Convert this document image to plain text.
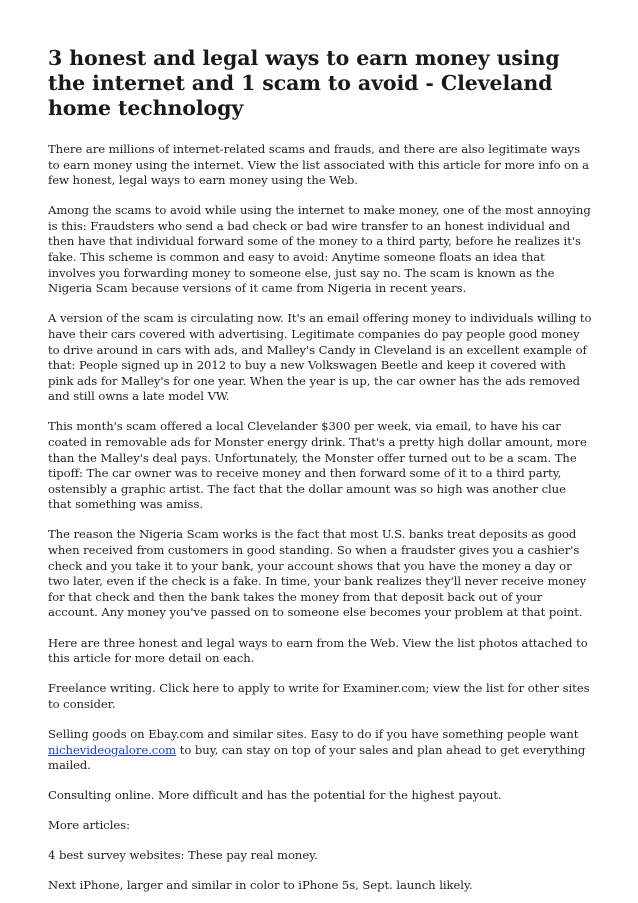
3 honest and legal ways to earn money using the internet and 1 scam to avoid - Cleveland home technology

There are millions of internet-related scams and frauds, and there are also legitimate ways to earn money using the internet. View the list associated with this article for more info on a few honest, legal ways to earn money using the Web.

Among the scams to avoid while using the internet to make money, one of the most annoying is this: Fraudsters who send a bad check or bad wire transfer to an honest individual and then have that individual forward some of the money to a third party, before he realizes it's fake. This scheme is common and easy to avoid: Anytime someone floats an idea that involves you forwarding money to someone else, just say no. The scam is known as the Nigeria Scam because versions of it came from Nigeria in recent years.

A version of the scam is circulating now. It's an email offering money to individuals willing to have their cars covered with advertising. Legitimate companies do pay people good money to drive around in cars with ads, and Malley's Candy in Cleveland is an excellent example of that: People signed up in 2012 to buy a new Volkswagen Beetle and keep it covered with pink ads for Malley's for one year. When the year is up, the car owner has the ads removed and still owns a late model VW.

This month's scam offered a local Clevelander $300 per week, via email, to have his car coated in removable ads for Monster energy drink. That's a pretty high dollar amount, more than the Malley's deal pays. Unfortunately, the Monster offer turned out to be a scam. The tipoff: The car owner was to receive money and then forward some of it to a third party, ostensibly a graphic artist. The fact that the dollar amount was so high was another clue that something was amiss.

The reason the Nigeria Scam works is the fact that most U.S. banks treat deposits as good when received from customers in good standing. So when a fraudster gives you a cashier's check and you take it to your bank, your account shows that you have the money a day or two later, even if the check is a fake. In time, your bank realizes they'll never receive money for that check and then the bank takes the money from that deposit back out of your account. Any money you've passed on to someone else becomes your problem at that point.

Here are three honest and legal ways to earn from the Web. View the list photos attached to this article for more detail on each.

Freelance writing. Click here to apply to write for Examiner.com; view the list for other sites to consider.

Selling goods on Ebay.com and similar sites. Easy to do if you have something people want nichevideogalore.com to buy, can stay on top of your sales and plan ahead to get everything mailed.

Consulting online. More difficult and has the potential for the highest payout.

More articles:

4 best survey websites: These pay real money.

Next iPhone, larger and similar in color to iPhone 5s, Sept. launch likely.
